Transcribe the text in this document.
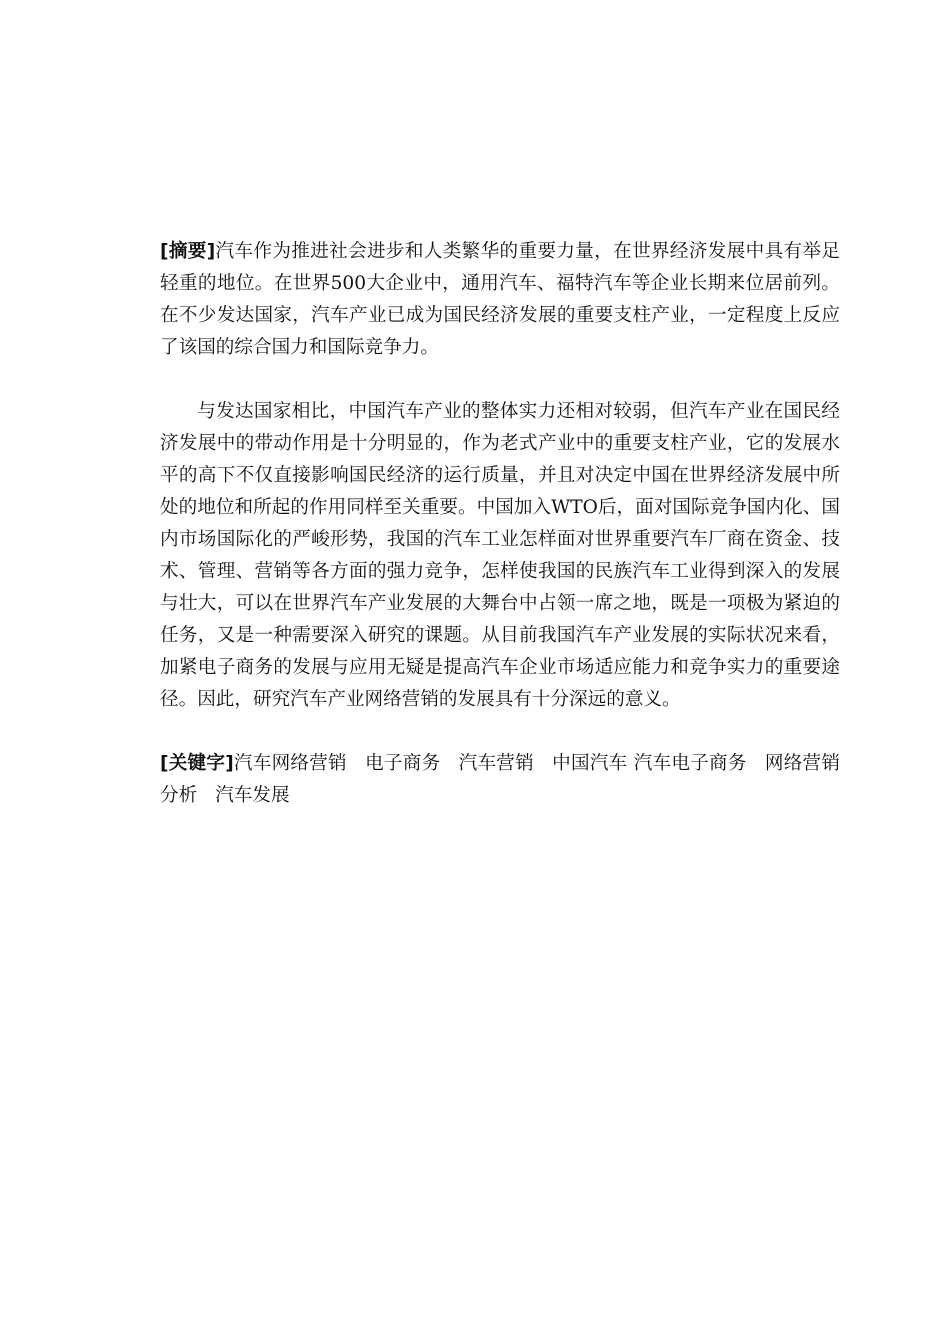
[摘要]汽车作为推进社会进步和人类繁华的重要力量，在世界经济发展中具有举足轻重的地位。在世界500大企业中，通用汽车、福特汽车等企业长期来位居前列。在不少发达国家，汽车产业已成为国民经济发展的重要支柱产业，一定程度上反应了该国的综合国力和国际竞争力。

与发达国家相比，中国汽车产业的整体实力还相对较弱，但汽车产业在国民经济发展中的带动作用是十分明显的，作为老式产业中的重要支柱产业，它的发展水平的高下不仅直接影响国民经济的运行质量，并且对决定中国在世界经济发展中所处的地位和所起的作用同样至关重要。中国加入WTO后，面对国际竞争国内化、国内市场国际化的严峻形势，我国的汽车工业怎样面对世界重要汽车厂商在资金、技术、管理、营销等各方面的强力竞争，怎样使我国的民族汽车工业得到深入的发展与壮大，可以在世界汽车产业发展的大舞台中占领一席之地，既是一项极为紧迫的任务，又是一种需要深入研究的课题。从目前我国汽车产业发展的实际状况来看，加紧电子商务的发展与应用无疑是提高汽车企业市场适应能力和竞争实力的重要途径。因此，研究汽车产业网络营销的发展具有十分深远的意义。

[关键字]汽车网络营销 电子商务 汽车营销 中国汽车 汽车电子商务 网络营销分析 汽车发展
